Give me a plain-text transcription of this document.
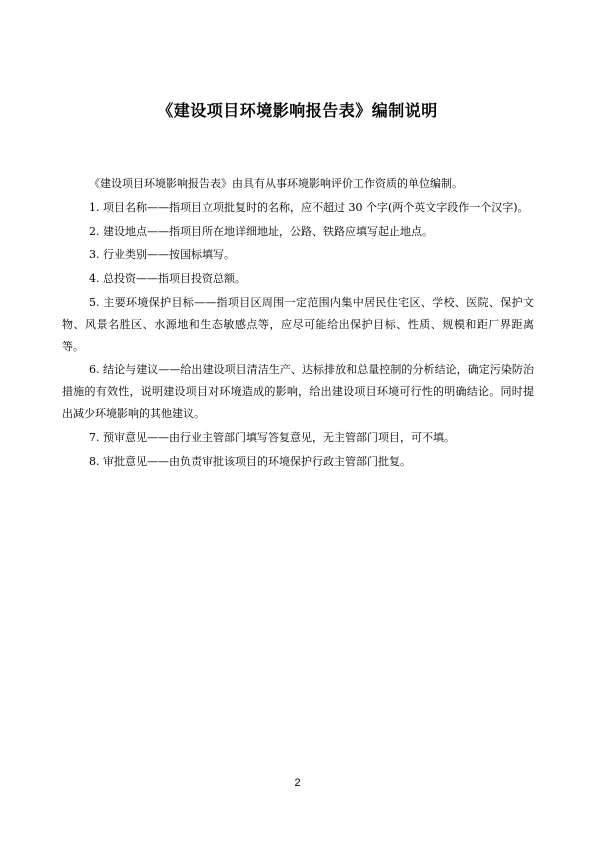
《建设项目环境影响报告表》编制说明

《建设项目环境影响报告表》由具有从事环境影响评价工作资质的单位编制。

1. 项目名称——指项目立项批复时的名称，应不超过 30 个字(两个英文字段作一个汉字)。

2. 建设地点——指项目所在地详细地址，公路、铁路应填写起止地点。

3. 行业类别——按国标填写。

4. 总投资——指项目投资总额。

5. 主要环境保护目标——指项目区周围一定范围内集中居民住宅区、学校、医院、保护文物、风景名胜区、水源地和生态敏感点等，应尽可能给出保护目标、性质、规模和距厂界距离等。

6. 结论与建议——给出建设项目清洁生产、达标排放和总量控制的分析结论，确定污染防治措施的有效性，说明建设项目对环境造成的影响，给出建设项目环境可行性的明确结论。同时提出减少环境影响的其他建议。

7. 预审意见——由行业主管部门填写答复意见，无主管部门项目，可不填。

8. 审批意见——由负责审批该项目的环境保护行政主管部门批复。

2
